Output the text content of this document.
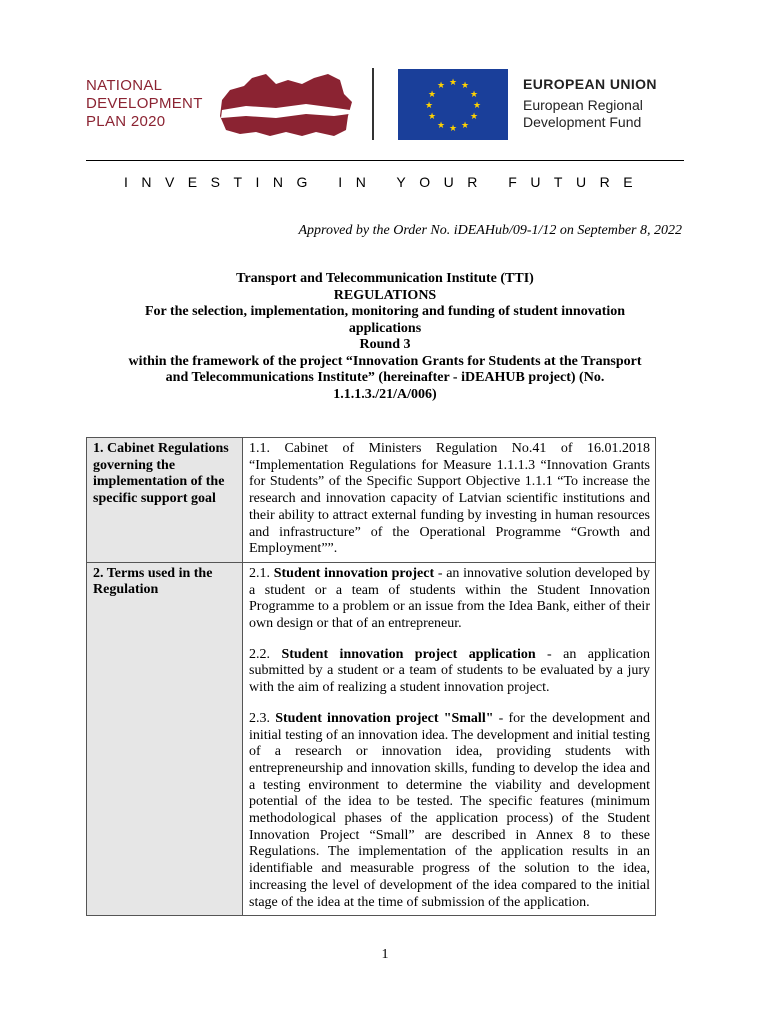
NATIONAL
DEVELOPMENT
PLAN 2020
★ ★
★
★
★
★
★
★
★
★
★
★	EUROPEAN UNION
European Regional
Development Fund
INVESTING IN YOUR FUTURE
Approved by the Order No. iDEAHub/09-1/12 on September 8, 2022
Transport and Telecommunication Institute (TTI)
REGULATIONS
For the selection, implementation, monitoring and funding of student innovation
applications
Round 3
within the framework of the project “Innovation Grants for Students at the Transport
and Telecommunications Institute” (hereinafter - iDEAHUB project) (No.
1.1.1.3./21/A/006)
1. Cabinet Regulations governing the implementation of the specific support goal	1.1. Cabinet of Ministers Regulation No.41 of 16.01.2018 “Implementation Regulations for Measure 1.1.1.3 “Innovation Grants for Students” of the Specific Support Objective 1.1.1 “To increase the research and innovation capacity of Latvian scientific institutions and their ability to attract external funding by investing in human resources and infrastructure” of the Operational Programme “Growth and Employment””.

2. Terms used in the Regulation	2.1. Student innovation project - an innovative solution developed by a student or a team of students within the Student Innovation Programme to a problem or an issue from the Idea Bank, either of their own design or that of an entrepreneur.

2.2. Student innovation project application - an application submitted by a student or a team of students to be evaluated by a jury with the aim of realizing a student innovation project.

2.3. Student innovation project "Small" - for the development and initial testing of an innovation idea. The development and initial testing of a research or innovation idea, providing students with entrepreneurship and innovation skills, funding to develop the idea and a testing environment to determine the viability and development potential of the idea to be tested. The specific features (minimum methodological phases of the application process) of the Student Innovation Project “Small” are described in Annex 8 to these Regulations. The implementation of the application results in an identifiable and measurable progress of the solution to the idea, increasing the level of development of the idea compared to the initial stage of the idea at the time of submission of the application.

1
